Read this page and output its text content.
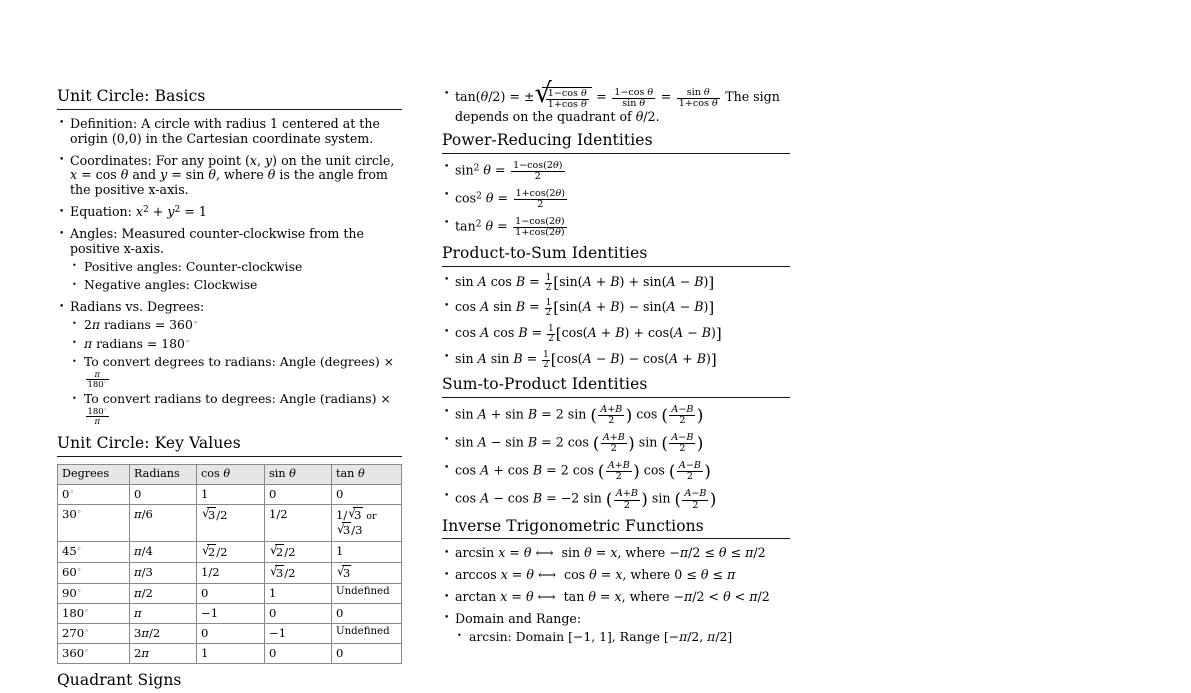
Unit Circle: Basics
• Definition: A circle with radius 1 centered at the origin (0,0) in the Cartesian coordinate system.
• Coordinates: For any point (x, y) on the unit circle, x = cos θ and y = sin θ, where θ is the angle from the positive x-axis.
• Equation: $x^2 + y^2 = 1$
• Angles: Measured counter-clockwise from the positive x-axis.
• Positive angles: Counter-clockwise
• Negative angles: Clockwise
• Radians vs. Degrees:
• 2π radians = 360◦
• π radians = 180◦
• To convert degrees to radians: Angle (degrees) ×
$\frac{\pi}{180^◦}$
• To convert radians to degrees: Angle (radians) ×
$\frac{180^◦}{\pi}$
Unit Circle: Key Values
Degrees	Radians	cos θ	sin θ	tan θ
0◦	0	1	0	0
30◦	π/6	√ 3/2	1/2	1/ √ 3 or
√ 3/3
45◦	π/4	√ 2/2	√ 2/2	1
60◦	π/3	1/2	√ 3/2	√ 3
90◦	π/2	0	1	Undefined
180◦	π	−1	0	0
270◦	3π/2	0	−1	Undefined
360◦	2π	1	0	0
Quadrant Signs
• tan(θ/2) = ± √ $\frac{\text{1−cos θ}}{\text{1+cos θ}} = \frac{\text{1−cos θ}}{\text{sin θ}} = \frac{\text{sin θ}}{\text{1+cos θ}}$ The sign depends on the quadrant of θ/2.
Power-Reducing Identities
• $\sin^2 \theta = \frac{1-\cos(2\theta)}{2}$
• $\cos^2 \theta = \frac{1+\cos(2\theta)}{2}$
• $\tan^2 \theta = \frac{1-\cos(2\theta)}{1+\cos(2\theta)}$
Product-to-Sum Identities
• sin A $\cos B = \frac{1}{2} [\sin(A + B) + \sin(A - B)]$
• cos A $\sin B = \frac{1}{2} [\sin(A + B) - \sin(A - B)]$
• cos A $\cos B = \frac{1}{2} [\cos(A + B) + \cos(A - B)]$
• sin A $\sin B = \frac{1}{2} [\cos(A - B) - \cos(A + B)]$
Sum-to-Product Identities
• sin A + sin B = 2 sin ( $\frac{A+B}{2}$ ) cos ( $\frac{A-B}{2}$ )
• sin A − sin B = 2 cos ( $\frac{A+B}{2}$ ) sin ( $\frac{A-B}{2}$ )
• cos A + cos B = 2 cos ( $\frac{A+B}{2}$ ) cos ( $\frac{A-B}{2}$ )
• cos A − cos B = −2 sin ( $\frac{A+B}{2}$ ) sin ( $\frac{A-B}{2}$ )
Inverse Trigonometric Functions
• arcsin x = θ ⟷ sin θ = x, where −π/2 ≤ θ ≤ π/2
• arccos x = θ ⟷ cos θ = x, where 0 ≤ θ ≤ π
• arctan x = θ ⟷ tan θ = x, where −π/2 < θ < π/2
• Domain and Range:
• arcsin: Domain [−1, 1], Range [−π/2, π/2]
